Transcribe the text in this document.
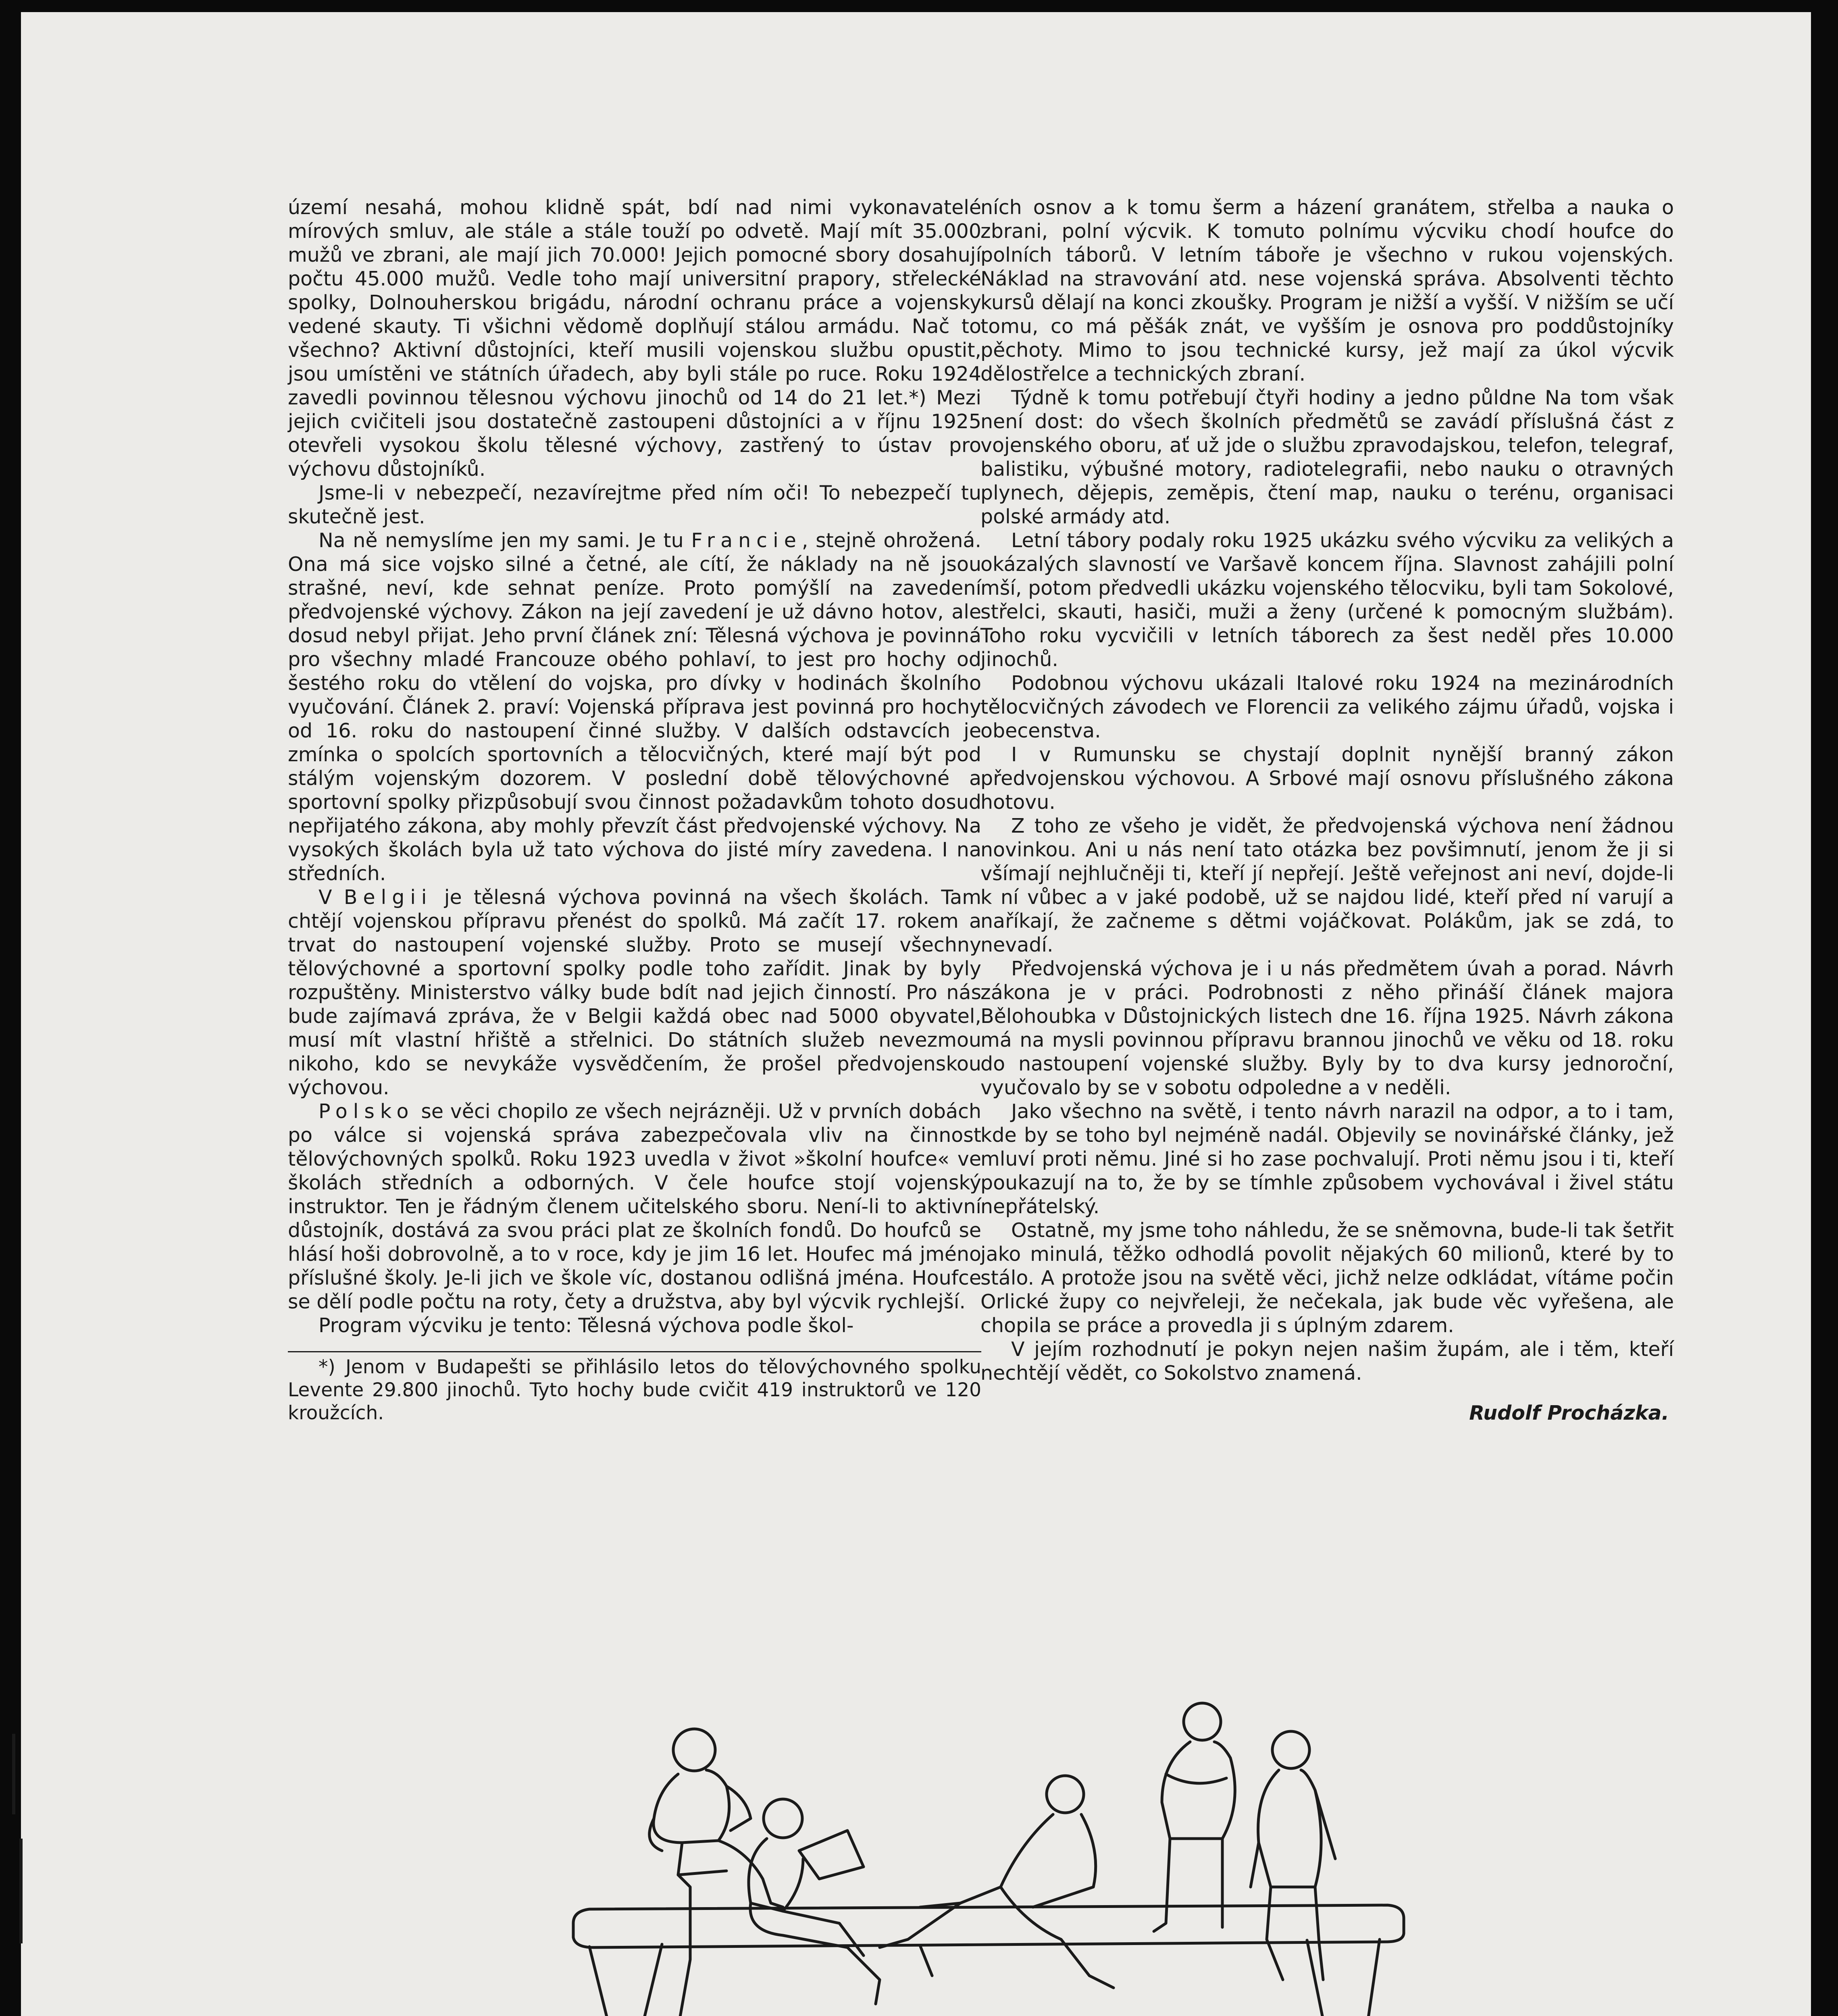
území nesahá, mohou klidně spát, bdí nad nimi vykonavatelé mírových smluv, ale stále a stále touží po odvetě. Mají mít 35.000 mužů ve zbrani, ale mají jich 70.000! Jejich pomocné sbory dosahují počtu 45.000 mužů. Vedle toho mají universitní prapory, střelecké spolky, Dolnouherskou brigádu, národní ochranu práce a vojensky vedené skauty. Ti všichni vědomě doplňují stálou armádu. Nač to všechno? Aktivní důstojníci, kteří musili vojenskou službu opustit, jsou umístěni ve státních úřadech, aby byli stále po ruce. Roku 1924 zavedli povinnou tělesnou výchovu jinochů od 14 do 21 let.*) Mezi jejich cvičiteli jsou dostatečně zastoupeni důstojníci a v říjnu 1925 otevřeli vysokou školu tělesné výchovy, zastřený to ústav pro výchovu důstojníků.

Jsme-li v nebezpečí, nezavírejtme před ním oči! To nebezpečí tu skutečně jest.

Na ně nemyslíme jen my sami. Je tu Francie, stejně ohrožená. Ona má sice vojsko silné a četné, ale cítí, že náklady na ně jsou strašné, neví, kde sehnat peníze. Proto pomýšlí na zavedení předvojenské výchovy. Zákon na její zavedení je už dávno hotov, ale dosud nebyl přijat. Jeho první článek zní: Tělesná výchova je povinná pro všechny mladé Francouze obého pohlaví, to jest pro hochy od šestého roku do vtělení do vojska, pro dívky v hodinách školního vyučování. Článek 2. praví: Vojenská příprava jest povinná pro hochy od 16. roku do nastoupení činné služby. V dalších odstavcích je zmínka o spolcích sportovních a tělocvičných, které mají být pod stálým vojenským dozorem. V poslední době tělovýchovné a sportovní spolky přizpůsobují svou činnost požadavkům tohoto dosud nepřijatého zákona, aby mohly převzít část předvojenské výchovy. Na vysokých školách byla už tato výchova do jisté míry zavedena. I na středních.

V Belgii je tělesná výchova povinná na všech školách. Tam chtějí vojenskou přípravu přenést do spolků. Má začít 17. rokem a trvat do nastoupení vojenské služby. Proto se musejí všechny tělovýchovné a sportovní spolky podle toho zařídit. Jinak by byly rozpuštěny. Ministerstvo války bude bdít nad jejich činností. Pro nás bude zajímavá zpráva, že v Belgii každá obec nad 5000 obyvatel, musí mít vlastní hřiště a střelnici. Do státních služeb nevezmou nikoho, kdo se nevykáže vysvědčením, že prošel předvojenskou výchovou.

Polsko se věci chopilo ze všech nejrázněji. Už v prvních dobách po válce si vojenská správa zabezpečovala vliv na činnost tělovýchovných spolků. Roku 1923 uvedla v život »školní houfce« ve školách středních a odborných. V čele houfce stojí vojenský instruktor. Ten je řádným členem učitelského sboru. Není-li to aktivní důstojník, dostává za svou práci plat ze školních fondů. Do houfců se hlásí hoši dobrovolně, a to v roce, kdy je jim 16 let. Houfec má jméno příslušné školy. Je-li jich ve škole víc, dostanou odlišná jména. Houfce se dělí podle počtu na roty, čety a družstva, aby byl výcvik rychlejší.

Program výcviku je tento: Tělesná výchova podle škol-

*) Jenom v Budapešti se přihlásilo letos do tělovýchovného spolku Levente 29.800 jinochů. Tyto hochy bude cvičit 419 instruktorů ve 120 kroužcích.

ních osnov a k tomu šerm a házení granátem, střelba a nauka o zbrani, polní výcvik. K tomuto polnímu výcviku chodí houfce do polních táborů. V letním táboře je všechno v rukou vojenských. Náklad na stravování atd. nese vojenská správa. Absolventi těchto kursů dělají na konci zkoušky. Program je nižší a vyšší. V nižším se učí tomu, co má pěšák znát, ve vyšším je osnova pro poddůstojníky pěchoty. Mimo to jsou technické kursy, jež mají za úkol výcvik dělostřelce a technických zbraní.

Týdně k tomu potřebují čtyři hodiny a jedno půldne Na tom však není dost: do všech školních předmětů se zavádí příslušná část z vojenského oboru, ať už jde o službu zpravodajskou, telefon, telegraf, balistiku, výbušné motory, radiotelegrafii, nebo nauku o otravných plynech, dějepis, zeměpis, čtení map, nauku o terénu, organisaci polské armády atd.

Letní tábory podaly roku 1925 ukázku svého výcviku za velikých a okázalých slavností ve Varšavě koncem října. Slavnost zahájili polní mší, potom předvedli ukázku vojenského tělocviku, byli tam Sokolové, střelci, skauti, hasiči, muži a ženy (určené k pomocným službám). Toho roku vycvičili v letních táborech za šest neděl přes 10.000 jinochů.

Podobnou výchovu ukázali Italové roku 1924 na mezinárodních tělocvičných závodech ve Florencii za velikého zájmu úřadů, vojska i obecenstva.

I v Rumunsku se chystají doplnit nynější branný zákon předvojenskou výchovou. A Srbové mají osnovu příslušného zákona hotovu.

Z toho ze všeho je vidět, že předvojenská výchova není žádnou novinkou. Ani u nás není tato otázka bez povšimnutí, jenom že ji si všímají nejhlučněji ti, kteří jí nepřejí. Ještě veřejnost ani neví, dojde-li k ní vůbec a v jaké podobě, už se najdou lidé, kteří před ní varují a naříkají, že začneme s dětmi vojáčkovat. Polákům, jak se zdá, to nevadí.

Předvojenská výchova je i u nás předmětem úvah a porad. Návrh zákona je v práci. Podrobnosti z něho přináší článek majora Bělohoubka v Důstojnických listech dne 16. října 1925. Návrh zákona má na mysli povinnou přípravu brannou jinochů ve věku od 18. roku do nastoupení vojenské služby. Byly by to dva kursy jednoroční, vyučovalo by se v sobotu odpoledne a v neděli.

Jako všechno na světě, i tento návrh narazil na odpor, a to i tam, kde by se toho byl nejméně nadál. Objevily se novinářské články, jež mluví proti němu. Jiné si ho zase pochvalují. Proti němu jsou i ti, kteří poukazují na to, že by se tímhle způsobem vychovával i živel státu nepřátelský.

Ostatně, my jsme toho náhledu, že se sněmovna, bude-li tak šetřit jako minulá, těžko odhodlá povolit nějakých 60 milionů, které by to stálo. A protože jsou na světě věci, jichž nelze odkládat, vítáme počin Orlické župy co nejvřeleji, že nečekala, jak bude věc vyřešena, ale chopila se práce a provedla ji s úplným zdarem.

V jejím rozhodnutí je pokyn nejen našim župám, ale i těm, kteří nechtějí vědět, co Sokolstvo znamená.

Rudolf Procházka.
